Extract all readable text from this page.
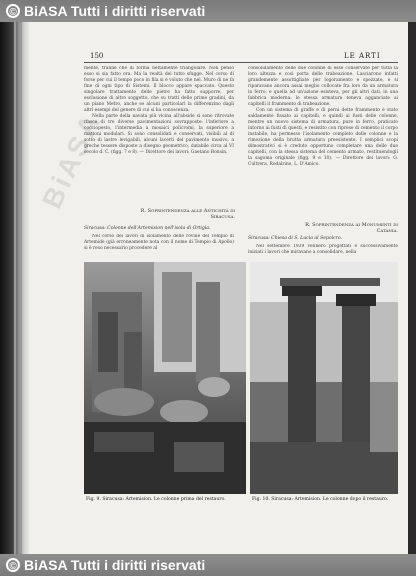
© BiASA Tutti i diritti riservati
BiASA
150	LE ARTI

mente, tranne che di forma nettamente triangolare. Non penso esso si sia fatto ora. Ma la realtà del tutto sfugge. Nel corso di forse per cui il tempo poco in fila si è voluto che nel. Muro di ne fa fine di ogni tipo di Sistemi. Il blocco appare spaccato. Questo singolare trattamento delle pietre ha fatto supporre, per esclusione di altro soggetto, che su tratti delle prime gradini, da un piano Metro, anche se alcuni particolari la differenzino dagli altri esempi del genere di cui si ha conoscenza.

Nella parte della navata più vicina all'abside si sono ritrovate (fasce di tre diverse pavimentazioni sovrapposte: l'inferiore a cocciopesto, l'intermedia a mosaici policromi, la superiore a mattoni modulari. Si sono consolidati e conservati, visibili al di sotto di lastre levigabili, alcuni lacerti del pavimento musivo, a greche tessere disposte a disegno geometrico, databile circa al VI secolo d. C. (figg. 7 e 8). — Direttore dei lavori: Gaetano Bonsin.

R. Soprintendenza alle Antichità di Siracusa.
Siracusa: Colonne dell'Artemision nell'isola di Ortigia.
Nel corso dei lavori di isolamento delle rovine del Tempio di Artemide (già erroneamente nota con il nome di Tempio di Apollo) si è reso necessario procedere al

consolidamento delle due colonne di esse conservate per tutta la loro altezza e cosi porta delle trabeazione. Lasciarono infatti grandemente assottigliate per logoramento e spezzate, e si riparavano ancora assai meglio collocate fra loro da un armatura in ferro, e quella ad un'azione esisteva, per gli altri dati, in una fabbrica moderna: le stessa armatura teneva agganciate ai capitelli il frammento di trabeazione.

Con un sistema di graffe e di perni dette frammento è stato saldamente fissato ai capitelli, e quindi ai fusti delle colonne, mentre un nuovo sistema di armatura, pure in ferro, praticato intorno ai fusti di questi, e resistito con riprese di cemento il corpo instabile, ha permesso l'isolamento completo delle colonne e la rimozione della brutta armatura preesistente. I semplici scopi dimostrativi si è creduto opportuno completare una delle due capitelli, con la stessa sistema del cemento armato, restituendogli la sagoma originale (figg. 9 e 10). — Direttore dei lavori: G. Cultrera, Rodalrine, L. D'Amico.

R. Soprintendenza ai Monumenti di Catania.
Siracusa: Chiesa di S. Lucia al Sepolcro.
Nel settembre 1939 vennero progettati e successivamente iniziati i lavori che miravano a consolidare, nella
Fig. 9. Siracusa: Artemision. Le colonne prima del restauro.	Fig. 10. Siracusa: Artemision. Le colonne dopo il restauro.
© BiASA Tutti i diritti riservati
